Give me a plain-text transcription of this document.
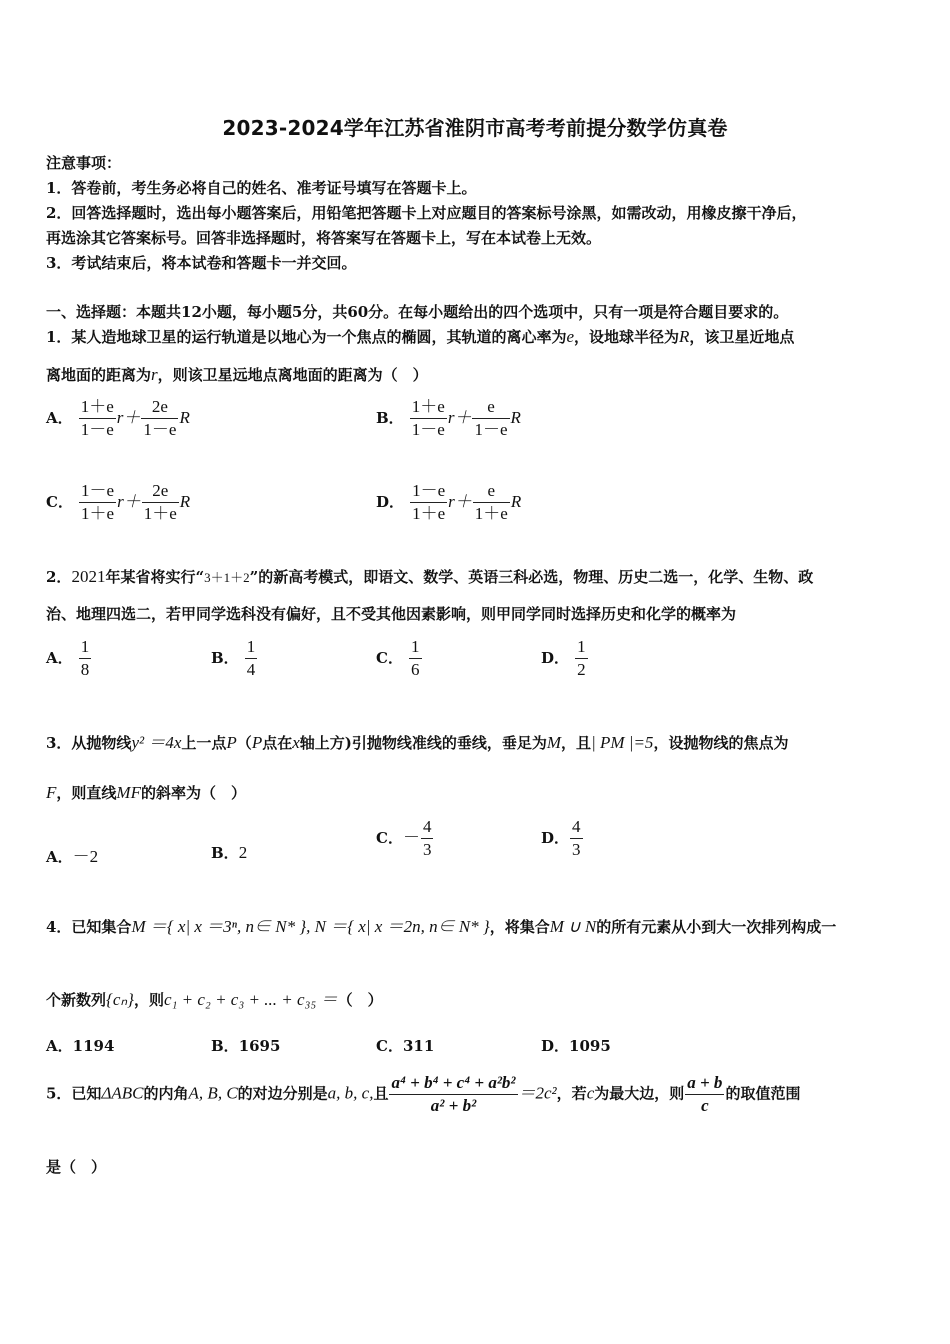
2023-2024学年江苏省淮阴市高考考前提分数学仿真卷
注意事项：
1．答卷前，考生务必将自己的姓名、准考证号填写在答题卡上。
2．回答选择题时，选出每小题答案后，用铅笔把答题卡上对应题目的答案标号涂黑，如需改动，用橡皮擦干净后，
再选涂其它答案标号。回答非选择题时，将答案写在答题卡上，写在本试卷上无效。
3．考试结束后，将本试卷和答题卡一并交回。
一、选择题：本题共12小题，每小题5分，共60分。在每小题给出的四个选项中，只有一项是符合题目要求的。
1．某人造地球卫星的运行轨道是以地心为一个焦点的椭圆，其轨道的离心率为e，设地球半径为R，该卫星近地点
离地面的距离为r，则该卫星远地点离地面的距离为（　）
A． $\frac{1+e}{1-e} r+ \frac{2e}{1-e}$ R	B． $\frac{1+e}{1-e} r+ \frac{e}{1-e}$ R
C． $\frac{1-e}{1+e} r+ \frac{2e}{1+e}$ R	D． $\frac{1-e}{1+e} r+ \frac{e}{1+e}$ R
2．2021年某省将实行“3＋1＋2”的新高考模式，即语文、数学、英语三科必选，物理、历史二选一，化学、生物、政
治、地理四选二，若甲同学选科没有偏好，且不受其他因素影响，则甲同学同时选择历史和化学的概率为
A． $\frac{1}{8}$	B． $\frac{1}{4}$	C． $\frac{1}{6}$	D． $\frac{1}{2}$
3．从抛物线y² ＝4x上一点P（P点在x轴上方)引抛物线准线的垂线，垂足为M，且| PM |=5，设抛物线的焦点为
F，则直线MF的斜率为（　）
A．－2	B．2
C．－ $\frac{4}{3}$	D． $\frac{4}{3}$
4．已知集合M ＝{ x| x ＝3ⁿ, n∈ N* }, N ＝{ x| x ＝2n, n∈ N* }，将集合M ∪ N的所有元素从小到大一次排列构成一
个新数列{cₙ}，则c₁ + c₂ + c₃ + ... + c₃₅ ＝（　）
A．1194	B．1695	C．311	D．1095
5．已知ΔABC的内角A, B, C的对边分别是a, b, c,且 $\frac{\text{a⁴ + b⁴ + c⁴ + a²b²}}{\text{a² + b²}} =2c^2$，若c为最大边，则 $\frac{a + b}{c}$ 的取值范围
是（　）
